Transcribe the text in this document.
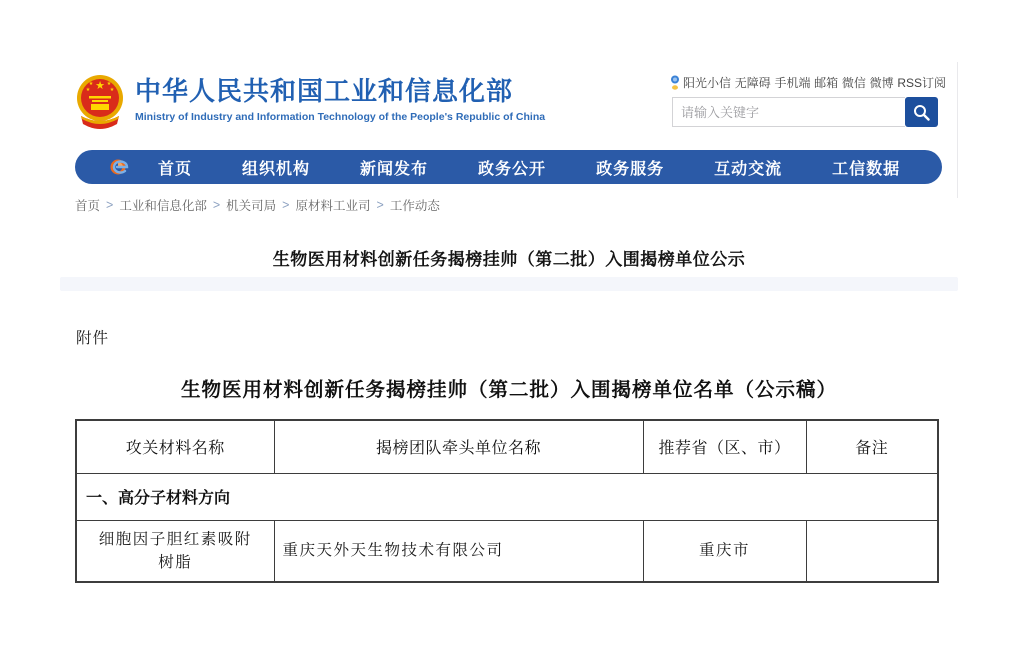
★
★	★
★	★ 中华人民共和国工业和信息化部
Ministry of Industry and Information Technology of the People's Republic of China
阳光小信 无障碍 手机端 邮箱 微信 微博 RSS订阅
请输入关键字
首页	组织机构	新闻发布	政务公开	政务服务	互动交流	工信数据
首页 > 工业和信息化部 > 机关司局 > 原材料工业司 > 工作动态
生物医用材料创新任务揭榜挂帅（第二批）入围揭榜单位公示
附件
生物医用材料创新任务揭榜挂帅（第二批）入围揭榜单位名单（公示稿）
攻关材料名称	揭榜团队牵头单位名称	推荐省（区、市）	备注
一、高分子材料方向			
细胞因子胆红素吸附树脂	重庆天外天生物技术有限公司	重庆市	
